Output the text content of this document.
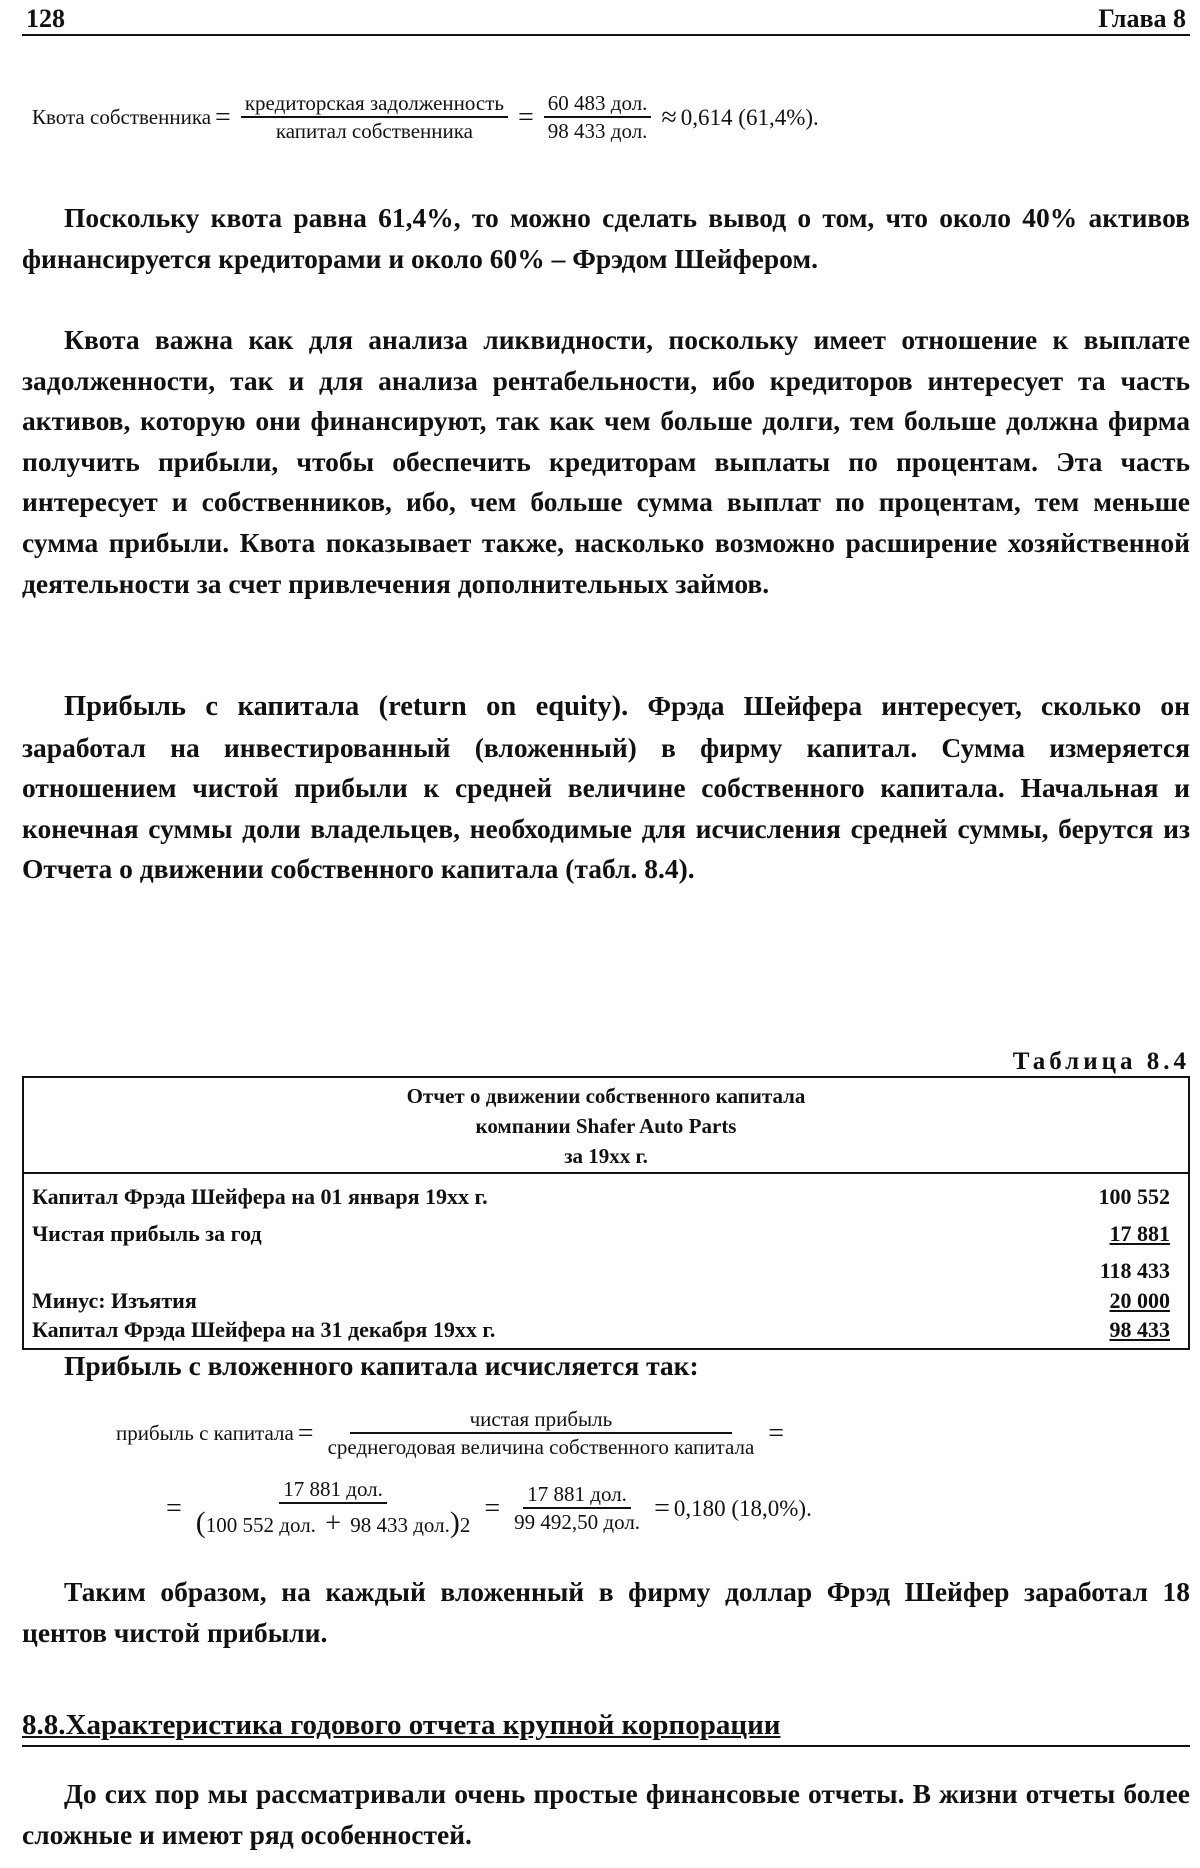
128	Глава 8
Квота собственника = $\frac{\text{кредиторская задолженность}}{\text{капитал собственника}} = \frac{\text{60 483 дол.}}{\text{98 433 дол.}} \approx 0,614$ (61,4%).

Поскольку квота равна 61,4%, то можно сделать вывод о том, что около 40% активов финансируется кредиторами и около 60% – Фрэдом Шейфером.

Квота важна как для анализа ликвидности, поскольку имеет отношение к выплате задолженности, так и для анализа рентабельности, ибо кредиторов интересует та часть активов, которую они финансируют, так как чем больше долги, тем больше должна фирма получить прибыли, чтобы обеспечить кредиторам выплаты по процентам. Эта часть интересует и собственников, ибо, чем больше сумма выплат по процентам, тем меньше сумма прибыли. Квота показывает также, насколько возможно расширение хозяйственной деятельности за счет привлечения дополнительных займов.

Прибыль с капитала (return on equity). Фрэда Шейфера интересует, сколько он заработал на инвестированный (вложенный) в фирму капитал. Сумма измеряется отношением чистой прибыли к средней величине собственного капитала. Начальная и конечная суммы доли владельцев, необходимые для исчисления средней суммы, берутся из Отчета о движении собственного капитала (табл. 8.4).

Таблица 8.4
Отчет о движении собственного капитала
компании Shafer Auto Parts
за 19хх г.
Капитал Фрэда Шейфера на 01 января 19хх г.	100 552
Чистая прибыль за год	17 881
118 433
Минус: Изъятия	20 000
Капитал Фрэда Шейфера на 31 декабря 19хх г.	98 433

Прибыль с вложенного капитала исчисляется так:

прибыль с капитала = $\frac{\text{чистая прибыль}}{\text{среднегодовая величина собственного капитала}}$ =
= $\frac{\text{17 881 дол.}}{\text{(100 552 дол. + 98 433 дол.)2}} = \frac{\text{17 881 дол.}}{\text{99 492,50 дол.}} = 0,180$ (18,0%).

Таким образом, на каждый вложенный в фирму доллар Фрэд Шейфер заработал 18 центов чистой прибыли.

8.8.Характеристика годового отчета крупной корпорации

До сих пор мы рассматривали очень простые финансовые отчеты. В жизни отчеты более сложные и имеют ряд особенностей.
